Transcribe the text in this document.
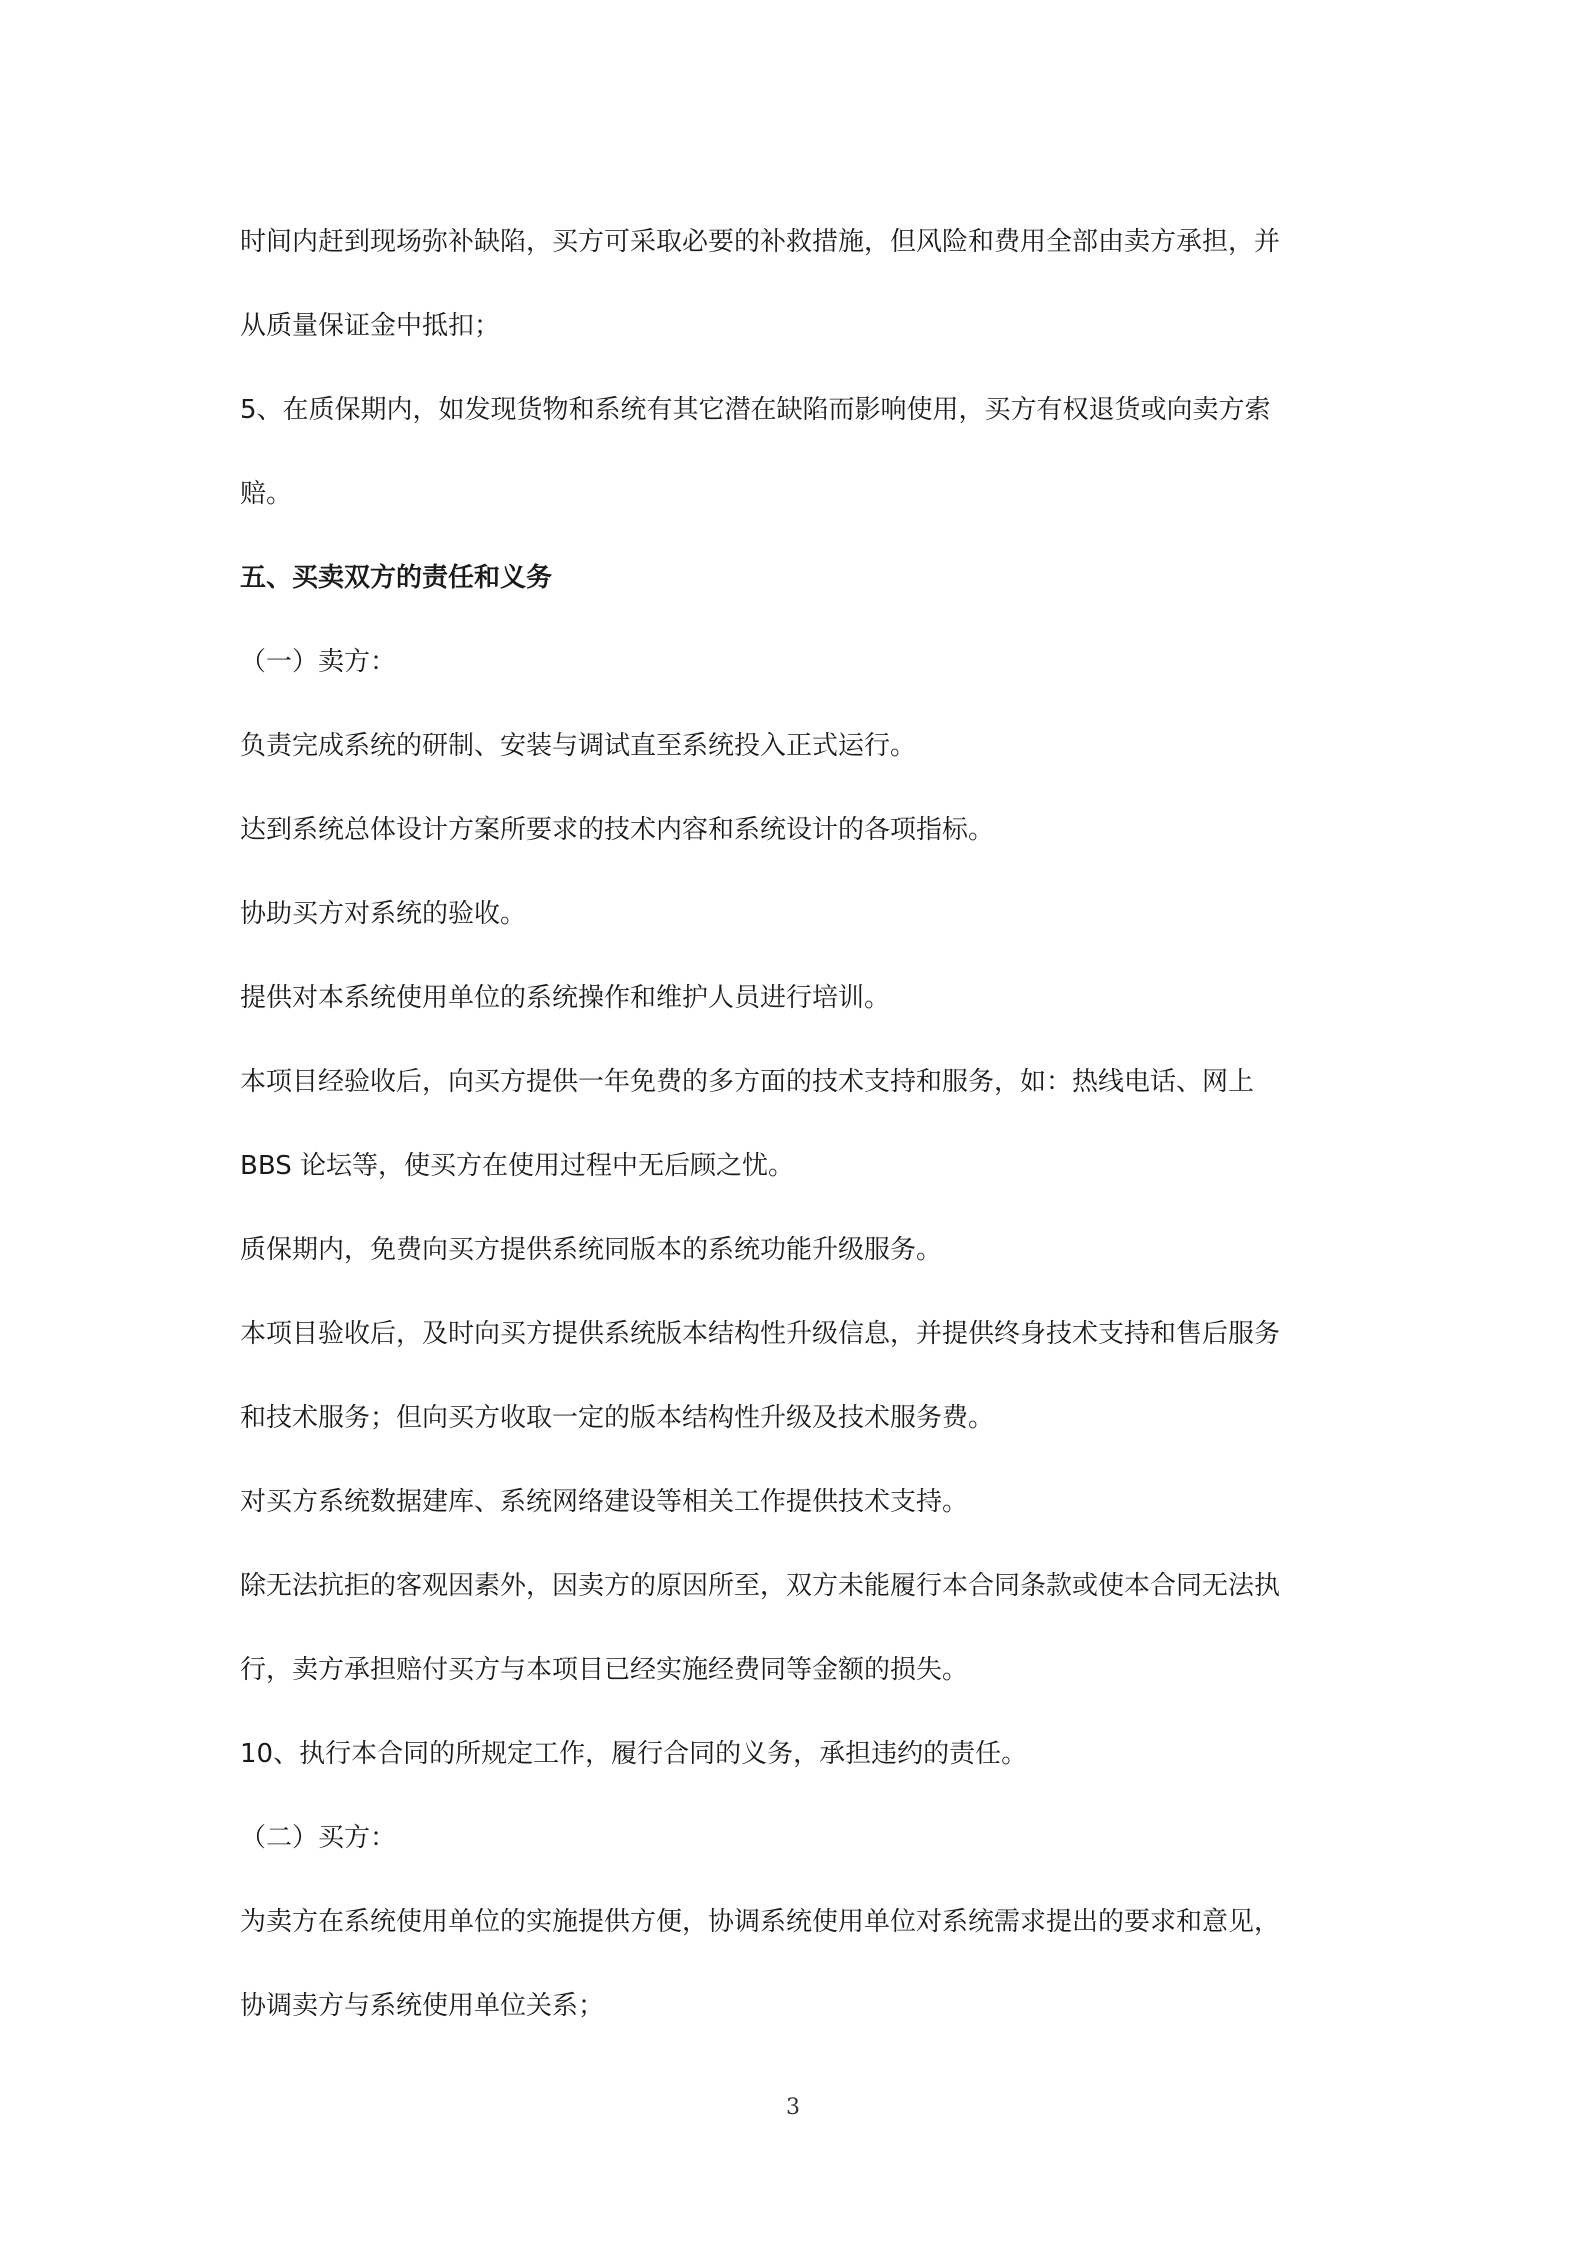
时间内赶到现场弥补缺陷，买方可采取必要的补救措施，但风险和费用全部由卖方承担，并
从质量保证金中抵扣；
5、在质保期内，如发现货物和系统有其它潜在缺陷而影响使用，买方有权退货或向卖方索
赔。
五、买卖双方的责任和义务
（一）卖方：
负责完成系统的研制、安装与调试直至系统投入正式运行。
达到系统总体设计方案所要求的技术内容和系统设计的各项指标。
协助买方对系统的验收。
提供对本系统使用单位的系统操作和维护人员进行培训。
本项目经验收后，向买方提供一年免费的多方面的技术支持和服务，如：热线电话、网上
BBS 论坛等，使买方在使用过程中无后顾之忧。
质保期内，免费向买方提供系统同版本的系统功能升级服务。
本项目验收后，及时向买方提供系统版本结构性升级信息，并提供终身技术支持和售后服务
和技术服务；但向买方收取一定的版本结构性升级及技术服务费。
对买方系统数据建库、系统网络建设等相关工作提供技术支持。
除无法抗拒的客观因素外，因卖方的原因所至，双方未能履行本合同条款或使本合同无法执
行，卖方承担赔付买方与本项目已经实施经费同等金额的损失。
10、执行本合同的所规定工作，履行合同的义务，承担违约的责任。
（二）买方：
为卖方在系统使用单位的实施提供方便，协调系统使用单位对系统需求提出的要求和意见，
协调卖方与系统使用单位关系；
3
